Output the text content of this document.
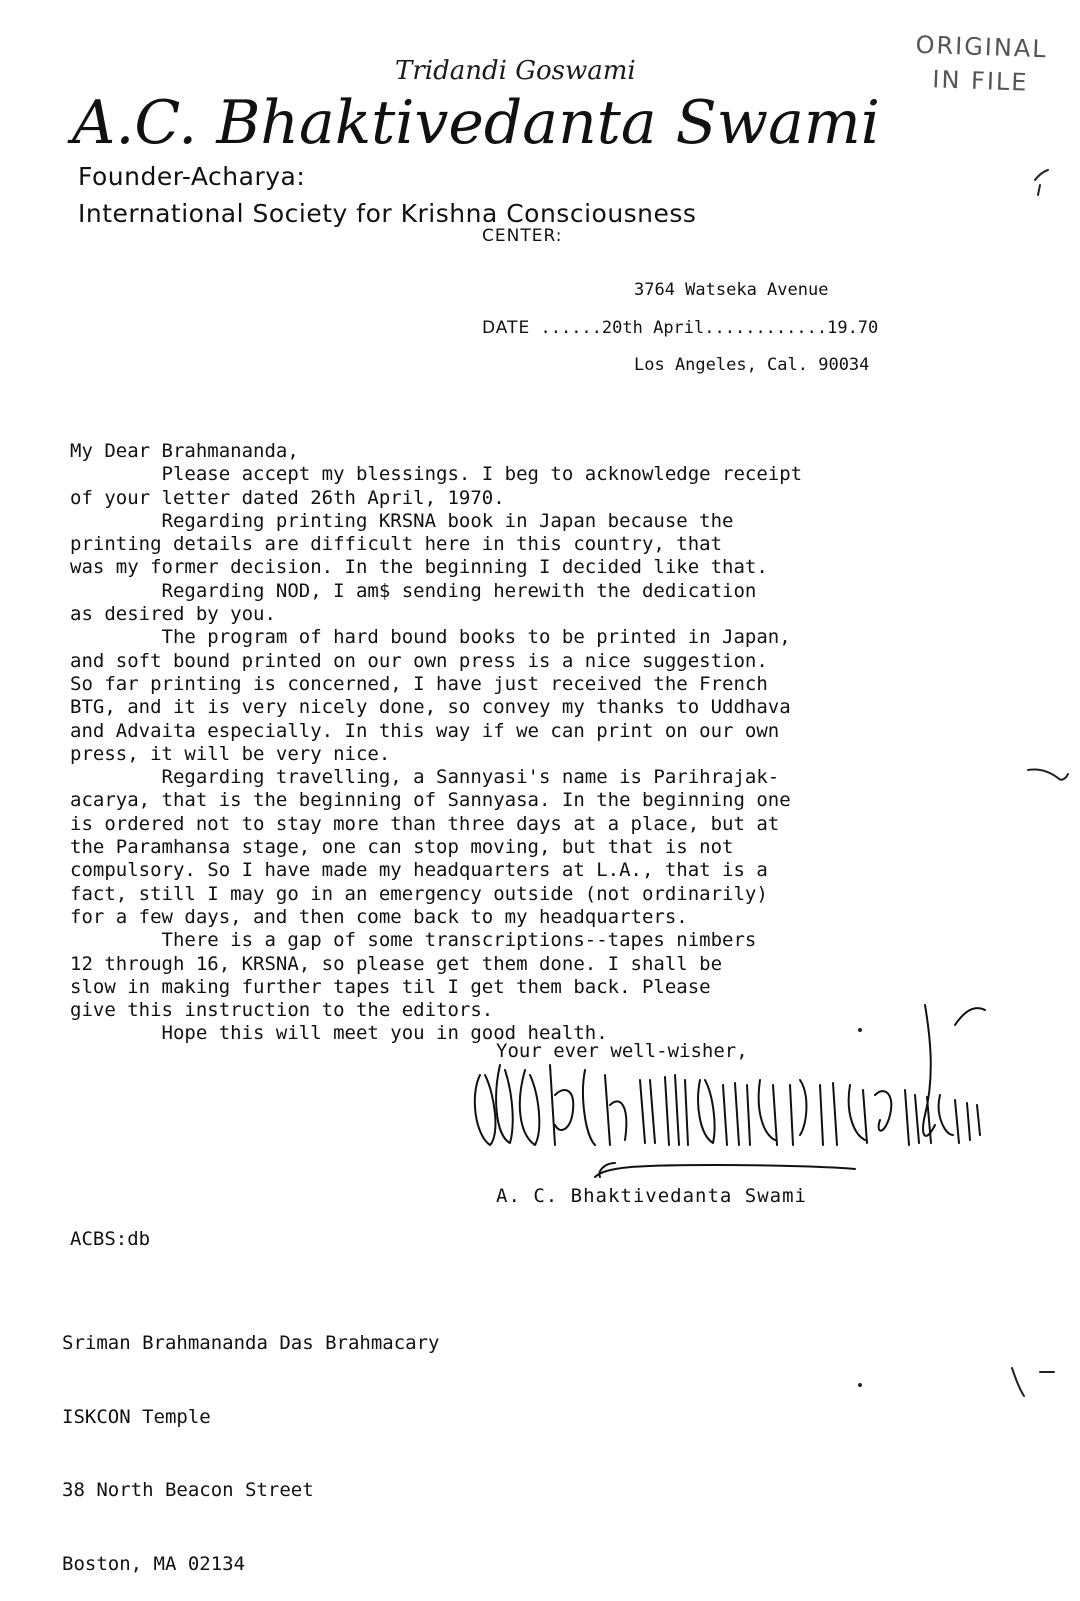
ORIGINAL
IN FILE
Tridandi Goswami
A.C. Bhaktivedanta Swami
Founder-Acharya:
International Society for Krishna Consciousness
CENTER:

3764 Watseka Avenue

Los Angeles, Cal. 90034

DATE ......20th April............19.70

My Dear Brahmananda,

Please accept my blessings. I beg to acknowledge receipt

of your letter dated 26th April, 1970.

Regarding printing KRSNA book in Japan because the

printing details are difficult here in this country, that

was my former decision. In the beginning I decided like that.

Regarding NOD, I am$ sending herewith the dedication

as desired by you.

The program of hard bound books to be printed in Japan,

and soft bound printed on our own press is a nice suggestion.

So far printing is concerned, I have just received the French

BTG, and it is very nicely done, so convey my thanks to Uddhava

and Advaita especially. In this way if we can print on our own

press, it will be very nice.

Regarding travelling, a Sannyasi's name is Parihrajak-

acarya, that is the beginning of Sannyasa. In the beginning one

is ordered not to stay more than three days at a place, but at

the Paramhansa stage, one can stop moving, but that is not

compulsory. So I have made my headquarters at L.A., that is a

fact, still I may go in an emergency outside (not ordinarily)

for a few days, and then come back to my headquarters.

There is a gap of some transcriptions--tapes nimbers

12 through 16, KRSNA, so please get them done. I shall be

slow in making further tapes til I get them back. Please

give this instruction to the editors.

Hope this will meet you in good health.

Your ever well-wisher,
A. C. Bhaktivedanta Swami
ACBS:db

Sriman Brahmananda Das Brahmacary

ISKCON Temple

38 North Beacon Street

Boston, MA 02134
